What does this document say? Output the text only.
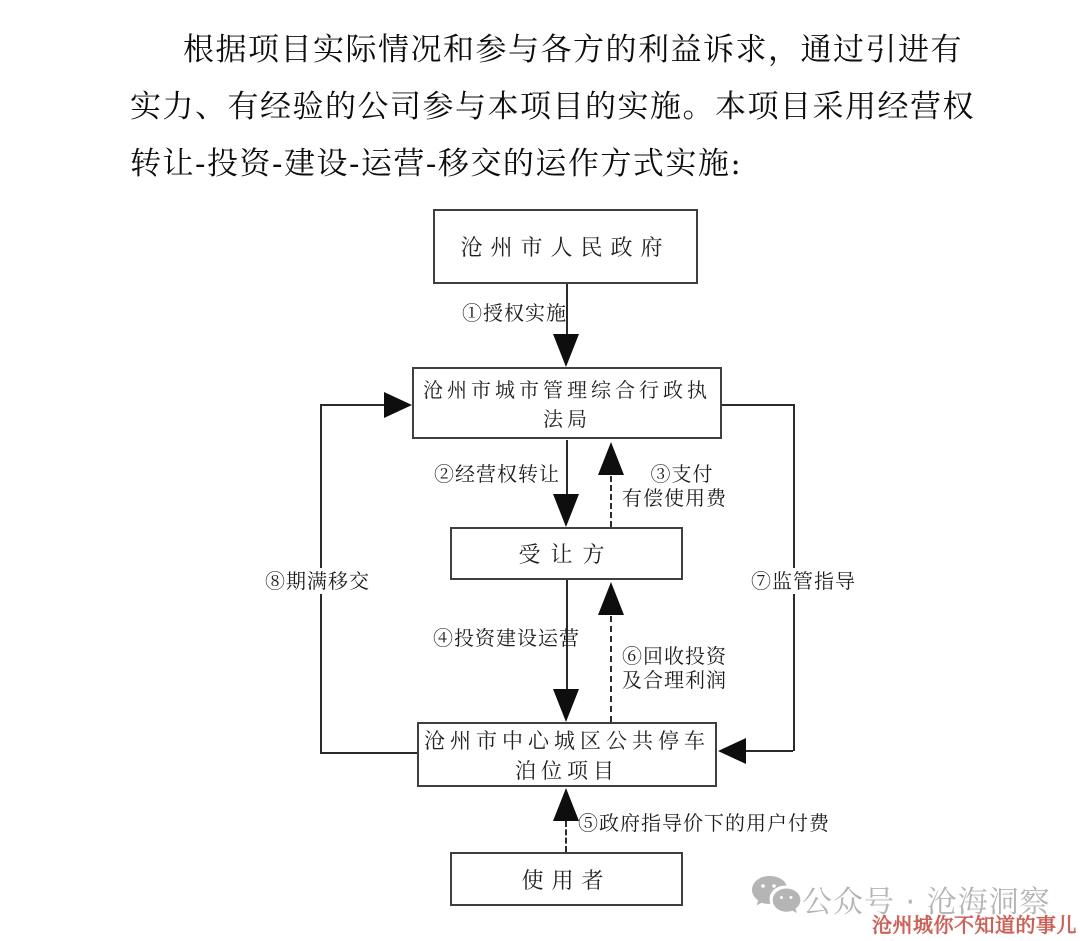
根据项目实际情况和参与各方的利益诉求，通过引进有
实力、有经验的公司参与本项目的实施。本项目采用经营权
转让-投资-建设-运营-移交的运作方式实施:
沧州市人民政府
沧州市城市管理综合行政执
法局
受让方
沧州市中心城区公共停车
泊位项目
使用者
①授权实施
②经营权转让	③支付
有偿使用费
④投资建设运营
⑥回收投资
及合理利润
⑤政府指导价下的用户付费
⑧期满移交	⑦监管指导
公众号 · 沧海洞察
沧州城你不知道的事儿
